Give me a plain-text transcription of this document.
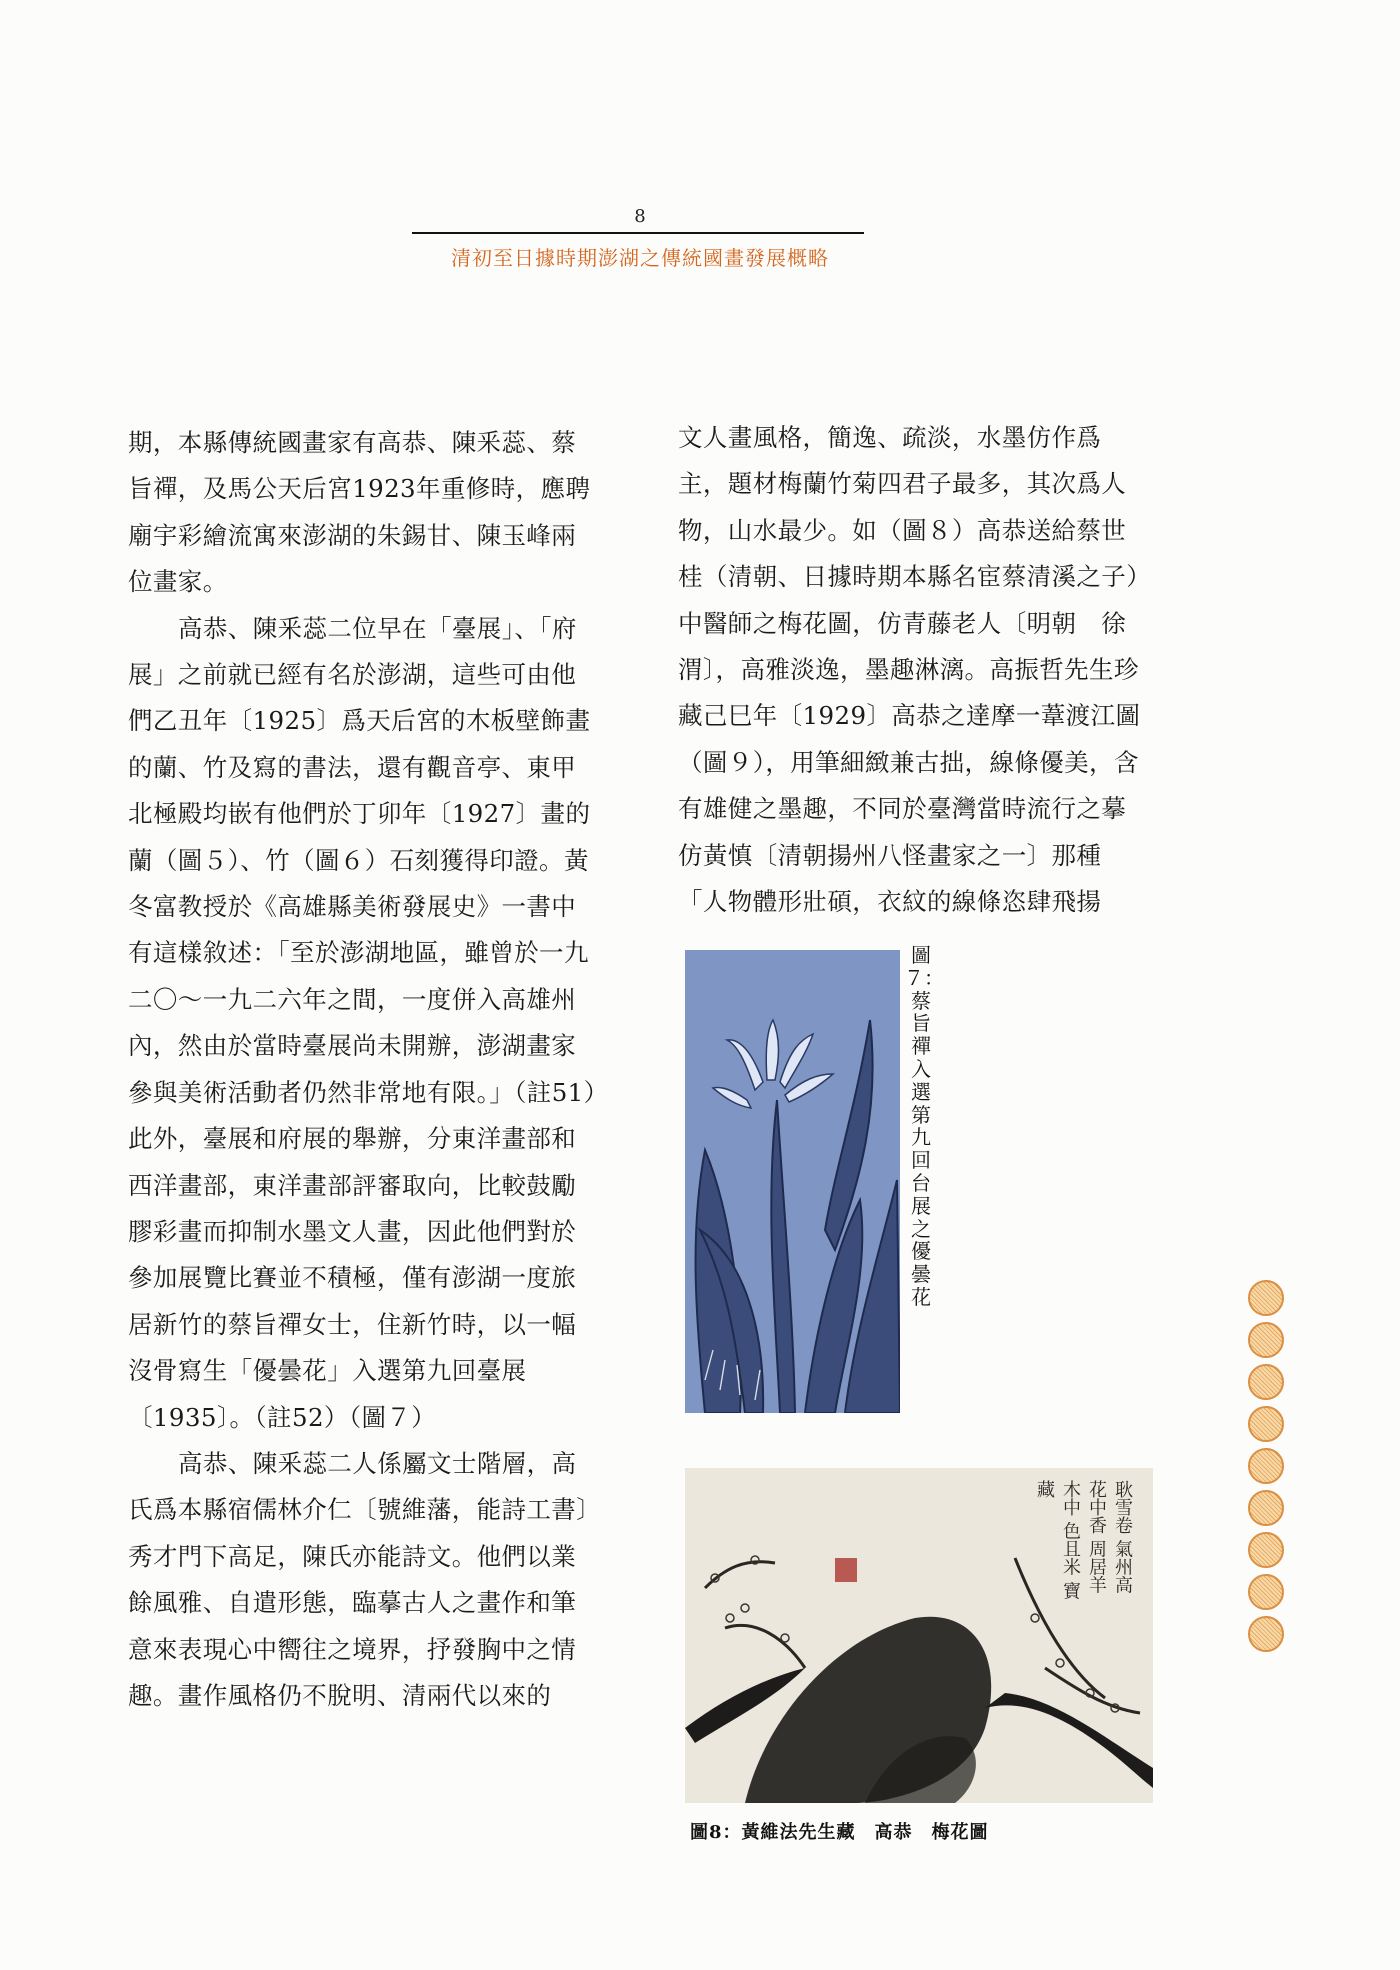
8
清初至日據時期澎湖之傳統國畫發展概略

期，本縣傳統國畫家有高恭、陳釆蕊、蔡旨禪，及馬公天后宮1923年重修時，應聘廟宇彩繪流寓來澎湖的朱錫甘、陳玉峰兩位畫家。

高恭、陳釆蕊二位早在「臺展」、「府展」之前就已經有名於澎湖，這些可由他們乙丑年〔1925〕爲天后宮的木板壁飾畫的蘭、竹及寫的書法，還有觀音亭、東甲北極殿均嵌有他們於丁卯年〔1927〕畫的蘭（圖５）、竹（圖６）石刻獲得印證。黃冬富教授於《高雄縣美術發展史》一書中有這樣敘述：「至於澎湖地區，雖曾於一九二〇～一九二六年之間，一度併入高雄州內，然由於當時臺展尚未開辦，澎湖畫家參與美術活動者仍然非常地有限。」（註51）此外，臺展和府展的舉辦，分東洋畫部和西洋畫部，東洋畫部評審取向，比較鼓勵膠彩畫而抑制水墨文人畫，因此他們對於參加展覽比賽並不積極，僅有澎湖一度旅居新竹的蔡旨禪女士，住新竹時，以一幅沒骨寫生「優曇花」入選第九回臺展〔1935〕。（註52）（圖７）

高恭、陳釆蕊二人係屬文士階層，高氏爲本縣宿儒林介仁〔號維藩，能詩工書〕秀才門下高足，陳氏亦能詩文。他們以業餘風雅、自遣形態，臨摹古人之畫作和筆意來表現心中嚮往之境界，抒發胸中之情趣。畫作風格仍不脫明、清兩代以來的

文人畫風格，簡逸、疏淡，水墨仿作爲主，題材梅蘭竹菊四君子最多，其次爲人物，山水最少。如（圖８）高恭送給蔡世桂（清朝、日據時期本縣名宦蔡清溪之子）中醫師之梅花圖，仿青藤老人〔明朝　徐渭〕，高雅淡逸，墨趣淋漓。高振哲先生珍藏己巳年〔1929〕高恭之達摩一葦渡江圖（圖９），用筆細緻兼古拙，線條優美，含有雄健之墨趣，不同於臺灣當時流行之摹仿黃慎〔清朝揚州八怪畫家之一〕那種「人物體形壯碩，衣紋的線條恣肆飛揚

圖７：蔡旨禪入選第九回台展之優曇花
耿雪卷 氣州高 花中香 周居羊 木中 色且米 寶藏
圖8：黃維法先生藏　高恭　梅花圖
